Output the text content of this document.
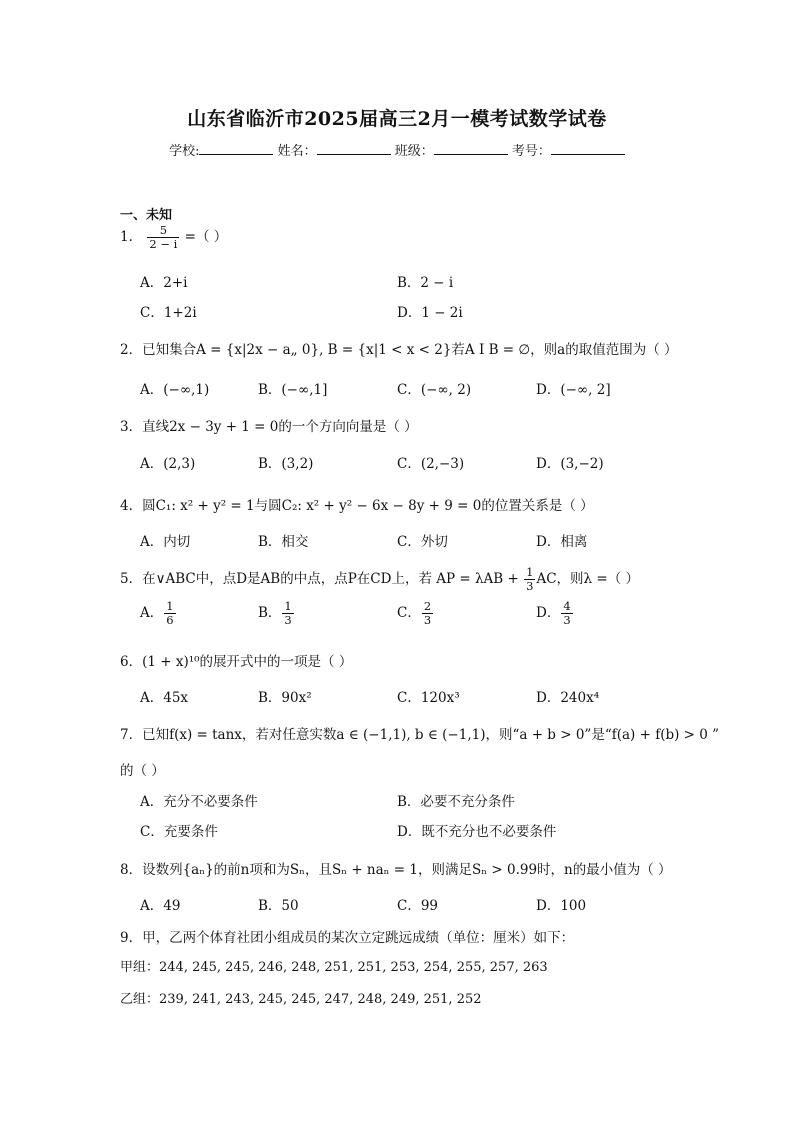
山东省临沂市2025届高三2月一模考试数学试卷
学校:	姓名：	班级：	考号：
一、未知
1． $\frac{5}{2 - i}$ =（ ）
A．2+i	B．2 − i
C．1+2i	D．1 − 2i
2．已知集合A = {x|2x − a„ 0}, B = {x|1 < x < 2}若A I B = ∅，则a的取值范围为（ ）
A．(−∞,1)	B．(−∞,1]	C．(−∞, 2)	D．(−∞, 2]
3．直线2x − 3y + 1 = 0的一个方向向量是（ ）
A．(2,3)	B．(3,2)	C．(2,−3)	D．(3,−2)
4．圆C₁: x² + y² = 1与圆C₂: x² + y² − 6x − 8y + 9 = 0的位置关系是（ ）
A．内切	B．相交	C．外切	D．相离
5．在∨ABC中，点D是AB的中点，点P在CD上，若 AP = $\lambda AB + \frac{1}{3}$ AC，则λ =（ ）
A． $\frac{1}{6}$	B． $\frac{1}{3}$	C． $\frac{2}{3}$	D． $\frac{4}{3}$
6．(1 + x)¹⁰的展开式中的一项是（ ）
A．45x	B．90x²	C．120x³	D．240x⁴
7．已知f(x) = tanx，若对任意实数a ∈ (−1,1), b ∈ (−1,1)，则“a + b > 0”是“f(a) + f(b) > 0 ”
的（ ）
A．充分不必要条件	B．必要不充分条件
C．充要条件	D．既不充分也不必要条件
8．设数列{aₙ}的前n项和为Sₙ，且Sₙ + naₙ = 1，则满足Sₙ > 0.99时，n的最小值为（ ）
A．49	B．50	C．99	D．100
9．甲，乙两个体育社团小组成员的某次立定跳远成绩（单位：厘米）如下：
甲组：244, 245, 245, 246, 248, 251, 251, 253, 254, 255, 257, 263
乙组：239, 241, 243, 245, 245, 247, 248, 249, 251, 252
